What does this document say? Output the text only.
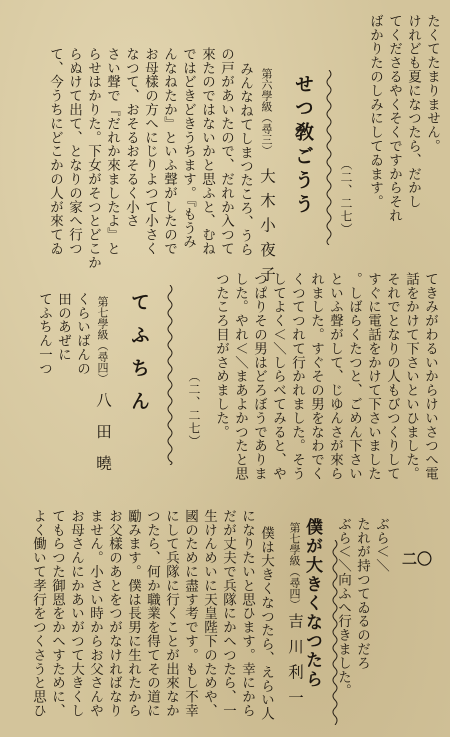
たくてたまりません。
けれども夏になつたら、だかし
てくださるやくそくですからそれ
ばかりたのしみにしてゐます。
（二、二七）
せつ敎ごうう
第六學級（尋三）
大木小夜子
みんなねてしまつたころ、うら
の戸があいたので、だれか入つて
來たのではないかと思ふと、むね
ではどきどきうちます。『もうみ
んなねたか』といふ聲がしたので
お母樣の方へにじりよつて小さく
なつて、おそるおそるく小さ
さい聲で『だれか來ましたよ』と
らせはかりた。下女がそつとどこか
らぬけて出て、となりの家へ行つ
て、今うちにどこかの人が來てゐ
てきみがわるいからけいさつへ電
話をかけて下さいといひました。
それでとなりの人もびつくりして
すぐに電話をかけて下さいました
。しばらくたつと、ごめん下さい
といふ聲がして、じゆんさが來ら
れました。すぐその男をなわでく
くつてつれて行かれました。そう
してよく＜＼しらべてみると、や
つぱりその男はどろぼうでありま
した。やれ＜＼まあよかつたと思
つたころ目がさめました。
（二、二七）
てふちん
第七學級（尋四）
八田曉
くらいばんの
田のあぜに
てふちん一つ
二〇
ぶら＜＼
たれが持つてゐるのだろ
ぶら＜＼向ふへ行きました。
僕が大きくなつたら
第七學級（尋四）
吉川利一
僕は大きくなつたら、えらい人
になりたいと思ひます。幸にから
だが丈夫で兵隊にかへつたら、一
生けんめいに天皇陛下のためや、
國のために盡す考です。もし不幸
にして兵隊に行くことが出來なか
つたら、何か職業を得てその道に
勵みます。僕は長男に生れたから
お父樣のあとをつがなければなり
ません。小さい時からお父さんや
お母さんにかあいがつて大きくし
てもらつた御恩をかへすために、
よく働いて孝行をつくさうと思ひ
